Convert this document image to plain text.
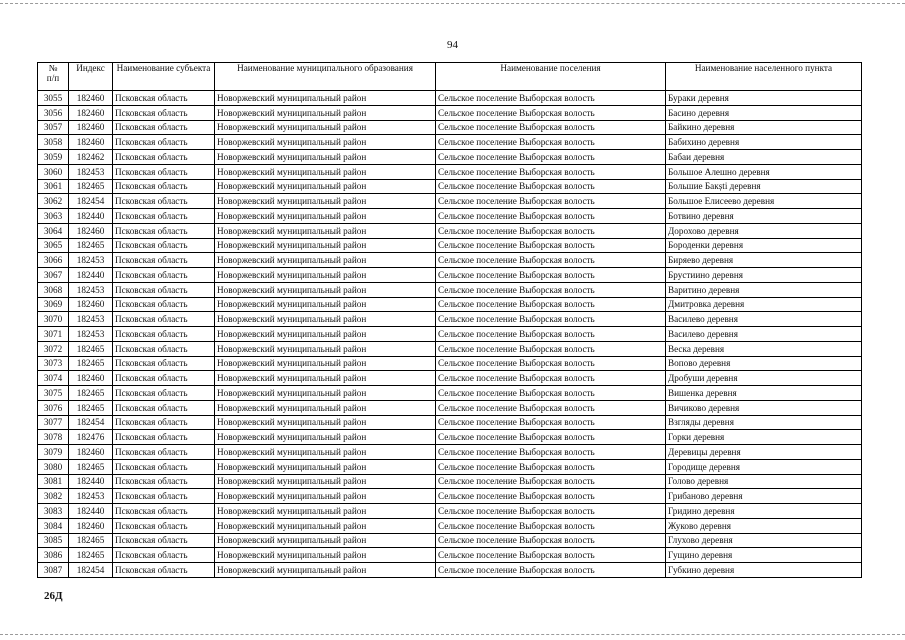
94
№
п/п	Индекс	Наименование субъекта	Наименование муниципального образования	Наименование поселения	Наименование населенного пункта
3055	182460	Псковская область	Новоржевский муниципальный район	Сельское поселение Выборская волость	Бураки деревня
3056	182460	Псковская область	Новоржевский муниципальный район	Сельское поселение Выборская волость	Басино деревня
3057	182460	Псковская область	Новоржевский муниципальный район	Сельское поселение Выборская волость	Байкино деревня
3058	182460	Псковская область	Новоржевский муниципальный район	Сельское поселение Выборская волость	Бабихино деревня
3059	182462	Псковская область	Новоржевский муниципальный район	Сельское поселение Выборская волость	Бабаи деревня
3060	182453	Псковская область	Новоржевский муниципальный район	Сельское поселение Выборская волость	Большое Алешно деревня
3061	182465	Псковская область	Новоржевский муниципальный район	Сельское поселение Выборская волость	Большие Бакști деревня
3062	182454	Псковская область	Новоржевский муниципальный район	Сельское поселение Выборская волость	Большое Елисеево деревня
3063	182440	Псковская область	Новоржевский муниципальный район	Сельское поселение Выборская волость	Ботвино деревня
3064	182460	Псковская область	Новоржевский муниципальный район	Сельское поселение Выборская волость	Дорохово деревня
3065	182465	Псковская область	Новоржевский муниципальный район	Сельское поселение Выборская волость	Бороденки деревня
3066	182453	Псковская область	Новоржевский муниципальный район	Сельское поселение Выборская волость	Биряево деревня
3067	182440	Псковская область	Новоржевский муниципальный район	Сельское поселение Выборская волость	Брустиино деревня
3068	182453	Псковская область	Новоржевский муниципальный район	Сельское поселение Выборская волость	Варитино деревня
3069	182460	Псковская область	Новоржевский муниципальный район	Сельское поселение Выборская волость	Дмитровка деревня
3070	182453	Псковская область	Новоржевский муниципальный район	Сельское поселение Выборская волость	Василево деревня
3071	182453	Псковская область	Новоржевский муниципальный район	Сельское поселение Выборская волость	Василево деревня
3072	182465	Псковская область	Новоржевский муниципальный район	Сельское поселение Выборская волость	Веска деревня
3073	182465	Псковская область	Новоржевский муниципальный район	Сельское поселение Выборская волость	Вопово деревня
3074	182460	Псковская область	Новоржевский муниципальный район	Сельское поселение Выборская волость	Дробуши деревня
3075	182465	Псковская область	Новоржевский муниципальный район	Сельское поселение Выборская волость	Вишенка деревня
3076	182465	Псковская область	Новоржевский муниципальный район	Сельское поселение Выборская волость	Вичиково деревня
3077	182454	Псковская область	Новоржевский муниципальный район	Сельское поселение Выборская волость	Взгляды деревня
3078	182476	Псковская область	Новоржевский муниципальный район	Сельское поселение Выборская волость	Горки деревня
3079	182460	Псковская область	Новоржевский муниципальный район	Сельское поселение Выборская волость	Деревицы деревня
3080	182465	Псковская область	Новоржевский муниципальный район	Сельское поселение Выборская волость	Городище деревня
3081	182440	Псковская область	Новоржевский муниципальный район	Сельское поселение Выборская волость	Голово деревня
3082	182453	Псковская область	Новоржевский муниципальный район	Сельское поселение Выборская волость	Грибаново деревня
3083	182440	Псковская область	Новоржевский муниципальный район	Сельское поселение Выборская волость	Гридино деревня
3084	182460	Псковская область	Новоржевский муниципальный район	Сельское поселение Выборская волость	Жуково деревня
3085	182465	Псковская область	Новоржевский муниципальный район	Сельское поселение Выборская волость	Глухово деревня
3086	182465	Псковская область	Новоржевский муниципальный район	Сельское поселение Выборская волость	Гущино деревня
3087	182454	Псковская область	Новоржевский муниципальный район	Сельское поселение Выборская волость	Губкино деревня
26Д
